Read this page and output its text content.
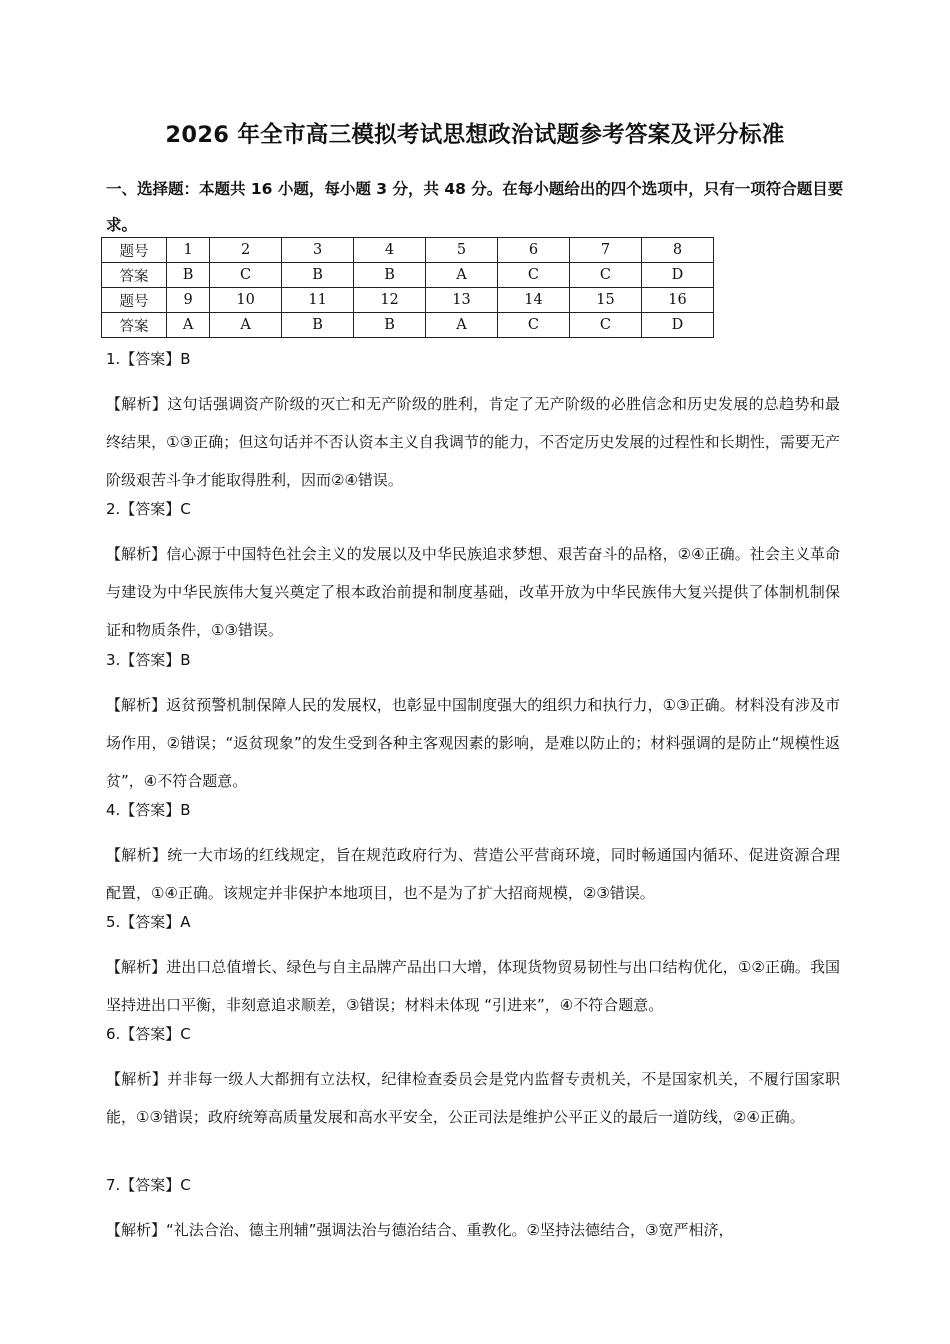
2026 年全市高三模拟考试思想政治试题参考答案及评分标准
一、选择题：本题共 16 小题，每小题 3 分，共 48 分。在每小题给出的四个选项中，只有一项符合题目要求。
题号	1	2	3	4	5	6	7	8
答案	B	C	B	B	A	C	C	D
题号	9	10	11	12	13	14	15	16
答案	A	A	B	B	A	C	C	D
1.【答案】B
【解析】这句话强调资产阶级的灭亡和无产阶级的胜利，肯定了无产阶级的必胜信念和历史发展的总趋势和最终结果，①③正确；但这句话并不否认资本主义自我调节的能力，不否定历史发展的过程性和长期性，需要无产阶级艰苦斗争才能取得胜利，因而②④错误。
2.【答案】C
【解析】信心源于中国特色社会主义的发展以及中华民族追求梦想、艰苦奋斗的品格，②④正确。社会主义革命与建设为中华民族伟大复兴奠定了根本政治前提和制度基础，改革开放为中华民族伟大复兴提供了体制机制保证和物质条件，①③错误。
3.【答案】B
【解析】返贫预警机制保障人民的发展权，也彰显中国制度强大的组织力和执行力，①③正确。材料没有涉及市场作用，②错误；“返贫现象”的发生受到各种主客观因素的影响，是难以防止的；材料强调的是防止“规模性返贫”，④不符合题意。
4.【答案】B
【解析】统一大市场的红线规定，旨在规范政府行为、营造公平营商环境，同时畅通国内循环、促进资源合理配置，①④正确。该规定并非保护本地项目，也不是为了扩大招商规模，②③错误。
5.【答案】A
【解析】进出口总值增长、绿色与自主品牌产品出口大增，体现货物贸易韧性与出口结构优化，①②正确。我国坚持进出口平衡，非刻意追求顺差，③错误；材料未体现 “引进来”，④不符合题意。
6.【答案】C
【解析】并非每一级人大都拥有立法权，纪律检查委员会是党内监督专责机关，不是国家机关，不履行国家职能，①③错误；政府统筹高质量发展和高水平安全，公正司法是维护公平正义的最后一道防线，②④正确。
7.【答案】C
【解析】“礼法合治、德主刑辅”强调法治与德治结合、重教化。②坚持法德结合，③宽严相济，
